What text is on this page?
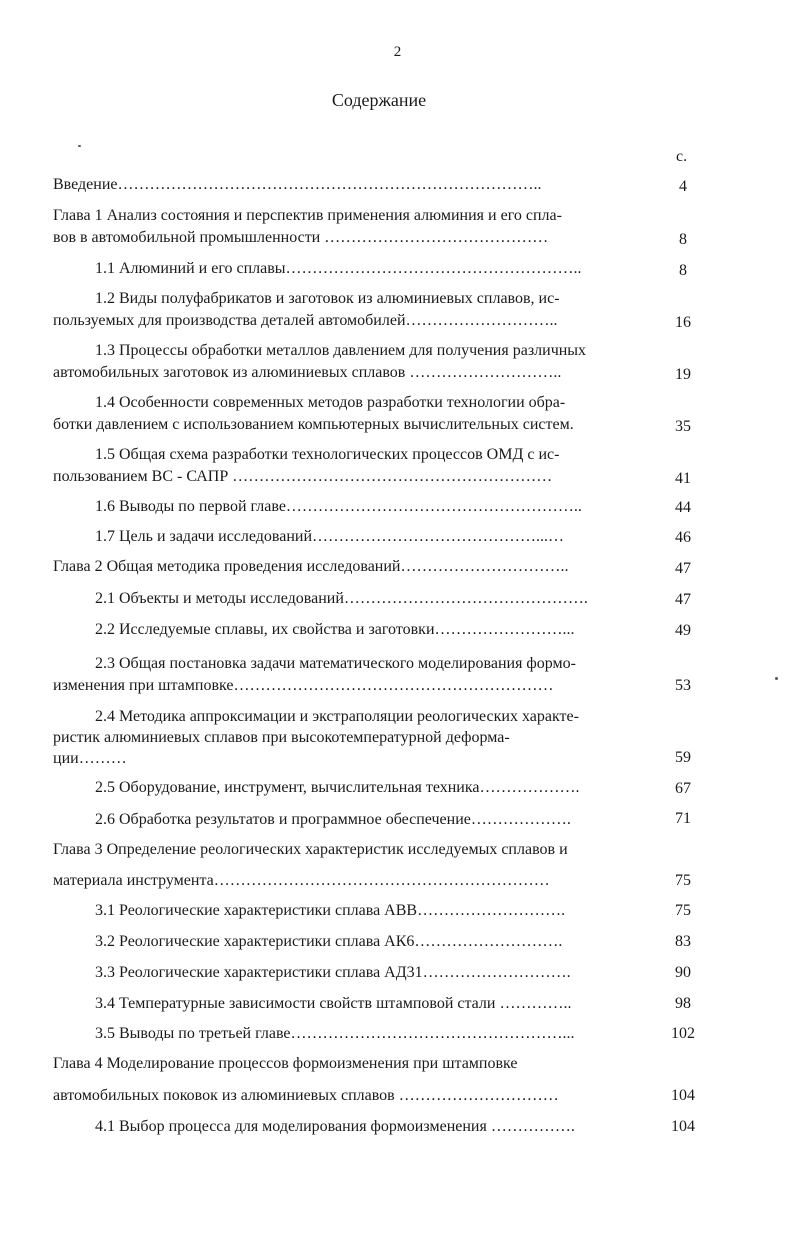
2
Содержание
с.
Введение……………………………………………………………………..	4
Глава 1 Анализ состояния и перспектив применения алюминия и его спла-
вов в автомобильной промышленности ……………………………………	8
1.1 Алюминий и его сплавы………………………………………………..	8
1.2 Виды полуфабрикатов и заготовок из алюминиевых сплавов, ис-
пользуемых для производства деталей автомобилей………………………..	16
1.3 Процессы обработки металлов давлением для получения различных
автомобильных заготовок из алюминиевых сплавов ………………………..	19
1.4 Особенности современных методов разработки технологии обра-
ботки давлением с использованием компьютерных вычислительных систем.	35
1.5 Общая схема разработки технологических процессов ОМД с ис-
пользованием ВС - САПР ……………………………………………………	41
1.6 Выводы по первой главе………………………………………………..	44
1.7 Цель и задачи исследований……………………………………...…	46
Глава 2 Общая методика проведения исследований…………………………..	47
2.1 Объекты и методы исследований……………………………………….	47
2.2 Исследуемые сплавы, их свойства и заготовки……………………...	49
2.3 Общая постановка задачи математического моделирования формо-
изменения при штамповке……………………………………………………	53
2.4 Методика аппроксимации и экстраполяции реологических характе-
ристик алюминиевых сплавов при высокотемпературной деформа-
ции………	59
2.5 Оборудование, инструмент, вычислительная техника……………….	67
2.6 Обработка результатов и программное обеспечение……………….	71
Глава 3 Определение реологических характеристик исследуемых сплавов и
материала инструмента………………………………………………………	75
3.1 Реологические характеристики сплава АВВ……………………….	75
3.2 Реологические характеристики сплава АК6……………………….	83
3.3 Реологические характеристики сплава АД31……………………….	90
3.4 Температурные зависимости свойств штамповой стали …………..	98
3.5 Выводы по третьей главе……………………………………………...	102
Глава 4 Моделирование процессов формоизменения при штамповке
автомобильных поковок из алюминиевых сплавов …………………………	104
4.1 Выбор процесса для моделирования формоизменения …………….	104
